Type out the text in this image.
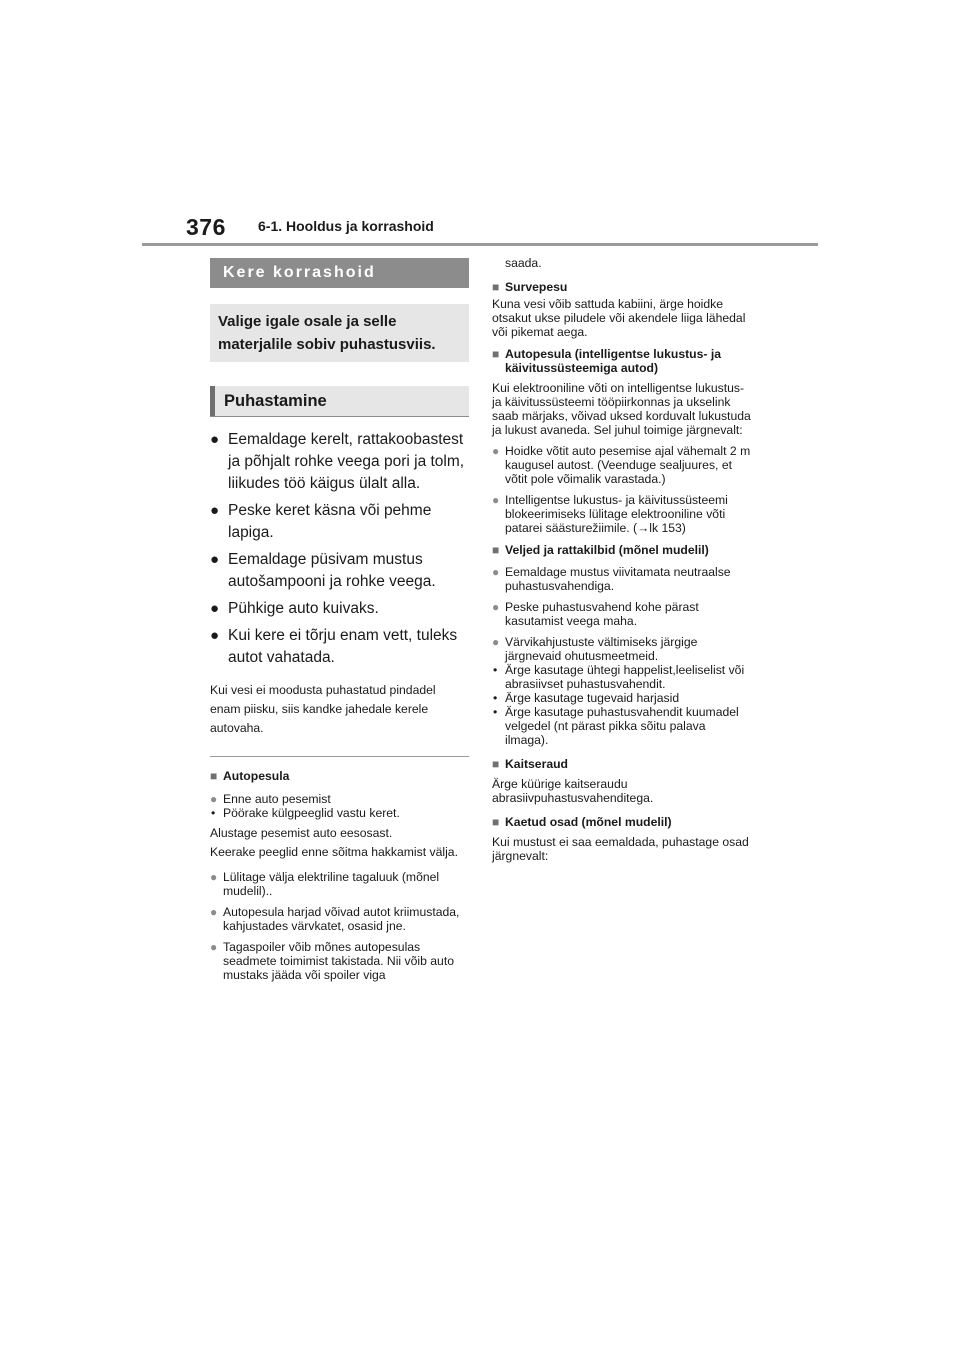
376 6-1. Hooldus ja korrashoid
Kere korrashoid
Valige igale osale ja selle materjalile sobiv puhastusviis.
Puhastamine
● Eemaldage kerelt, rattakoobastest ja põhjalt rohke veega pori ja tolm, liikudes töö käigus ülalt alla.
● Peske keret käsna või pehme lapiga.
● Eemaldage püsivam mustus autošampooni ja rohke veega.
● Pühkige auto kuivaks.
● Kui kere ei tõrju enam vett, tuleks autot vahatada.
Kui vesi ei moodusta puhastatud pindadel enam piisku, siis kandke jahedale kerele autovaha.
■ Autopesula
● Enne auto pesemist
• Pöörake külgpeeglid vastu keret.
Alustage pesemist auto eesosast.
Keerake peeglid enne sõitma hakkamist välja.
● Lülitage välja elektriline tagaluuk (mõnel mudelil)..
● Autopesula harjad võivad autot kriimustada, kahjustades värvkatet, osasid jne.
● Tagaspoiler võib mõnes autopesulas seadmete toimimist takistada. Nii võib auto mustaks jääda või spoiler viga
saada.
■ Survepesu
Kuna vesi võib sattuda kabiini, ärge hoidke otsakut ukse piludele või akendele liiga lähedal või pikemat aega.
■ Autopesula (intelligentse lukustus- ja käivitussüsteemiga autod)
Kui elektrooniline võti on intelligentse lukustus- ja käivitussüsteemi tööpiirkonnas ja ukselink saab märjaks, võivad uksed korduvalt lukustuda ja lukust avaneda. Sel juhul toimige järgnevalt:
● Hoidke võtit auto pesemise ajal vähemalt 2 m kaugusel autost. (Veenduge sealjuures, et võtit pole võimalik varastada.)
● Intelligentse lukustus- ja käivitussüsteemi blokeerimiseks lülitage elektrooniline võti patarei säästurežiimile. (→lk 153)
■ Veljed ja rattakilbid (mõnel mudelil)
● Eemaldage mustus viivitamata neutraalse puhastusvahendiga.
● Peske puhastusvahend kohe pärast kasutamist veega maha.
● Värvikahjustuste vältimiseks järgige järgnevaid ohutusmeetmeid.
• Ärge kasutage ühtegi happelist,leeliselist või abrasiivset puhastusvahendit.
• Ärge kasutage tugevaid harjasid
• Ärge kasutage puhastusvahendit kuumadel velgedel (nt pärast pikka sõitu palava ilmaga).
■ Kaitseraud
Ärge küürige kaitseraudu abrasiivpuhastusvahenditega.
■ Kaetud osad (mõnel mudelil)
Kui mustust ei saa eemaldada, puhastage osad järgnevalt:
